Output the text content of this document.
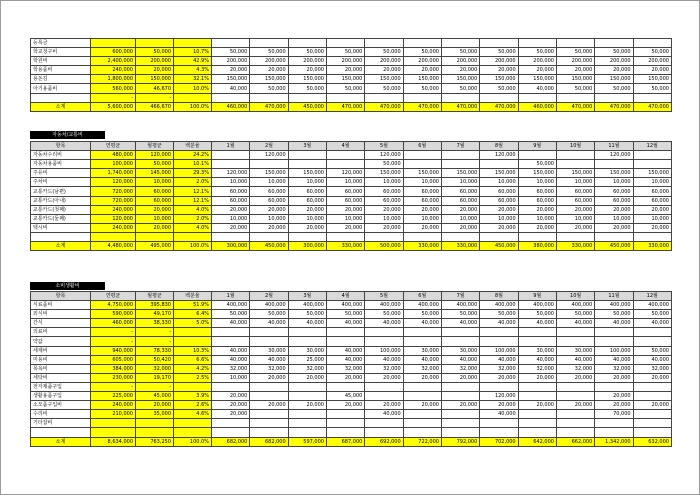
등록금															
학교청구비	600,000	50,000	10.7%	50,000	50,000	50,000	50,000	50,000	50,000	50,000	50,000	50,000	50,000	50,000	50,000
학원비	2,400,000	200,000	42.9%	200,000	200,000	200,000	200,000	200,000	200,000	200,000	200,000	200,000	200,000	200,000	200,000
학용품비	240,000	20,000	4.3%	20,000	20,000	20,000	20,000	20,000	20,000	20,000	20,000	20,000	20,000	20,000	20,000
용돈김	1,800,000	150,000	32.1%	150,000	150,000	150,000	150,000	150,000	150,000	150,000	150,000	150,000	150,000	150,000	150,000
아기용품비	560,000	46,670	10.0%	40,000	50,000	50,000	50,000	50,000	50,000	50,000	50,000	40,000	50,000	50,000	50,000
	-	-													
소계	5,600,000	466,670	100.0%	460,000	470,000	450,000	470,000	470,000	470,000	470,000	470,000	460,000	470,000	470,000	470,000
자동차/교통비
항목	연평균	월평균	백분율	1월	2월	3월	4월	5월	6월	7월	8월	9월	10월	11월	12월
자동차수리비	480,000	120,000	24.2%		120,000			120,000			120,000			120,000	
자동차용품비	100,000	50,000	10.1%					50,000				50,000			
주유비	1,740,000	145,000	29.3%	120,000	150,000	150,000	120,000	150,000	150,000	150,000	150,000	150,000	150,000	150,000	150,000
주차비	120,000	10,000	2.0%	10,000	10,000	10,000	10,000	10,000	10,000	10,000	10,000	10,000	10,000	10,000	10,000
교통카드(남편)	720,000	60,000	12.1%	60,000	60,000	60,000	60,000	60,000	60,000	60,000	60,000	60,000	60,000	60,000	60,000
교통카드(아내)	720,000	60,000	12.1%	60,000	60,000	60,000	60,000	60,000	60,000	60,000	60,000	60,000	60,000	60,000	60,000
교통카드(첫째)	240,000	20,000	4.0%	20,000	20,000	20,000	20,000	20,000	20,000	20,000	20,000	20,000	20,000	20,000	20,000
교통카드(둘째)	120,000	10,000	2.0%	10,000	10,000	10,000	10,000	10,000	10,000	10,000	10,000	10,000	10,000	10,000	10,000
택시비	240,000	20,000	4.0%	20,000	20,000	20,000	20,000	20,000	20,000	20,000	20,000	20,000	20,000	20,000	20,000

소계	4,480,000	495,000	100.0%	300,000	450,000	300,000	330,000	500,000	330,000	330,000	450,000	380,000	330,000	450,000	330,000
소비생활비
항목	연평균	월평균	백분율	1월	2월	3월	4월	5월	6월	7월	8월	9월	10월	11월	12월
식료품비	4,750,000	395,830	51.9%	400,000	400,000	400,000	400,000	400,000	400,000	400,000	400,000	400,000	400,000	400,000	400,000
외식비	590,000	49,170	6.4%	50,000	50,000	50,000	50,000	50,000	50,000	50,000	50,000	50,000	50,000	50,000	50,000
간식	460,000	38,330	5.0%	40,000	40,000	40,000	40,000	40,000	40,000	40,000	40,000	40,000	40,000	40,000	40,000
의료비	-	-													
약값	-	-													
세제비	940,000	78,330	10.3%	40,000	30,000	30,000	40,000	100,000	30,000	30,000	100,000	30,000	30,000	100,000	50,000
미용비	605,000	50,420	6.6%	40,000	40,000	25,000	40,000	40,000	40,000	40,000	40,000	40,000	40,000	40,000	40,000
목욕비	384,000	32,000	4.2%	32,000	32,000	32,000	32,000	32,000	32,000	32,000	32,000	32,000	32,000	32,000	32,000
세탁비	230,000	19,170	2.5%	10,000	20,000	20,000	20,000	20,000	20,000	20,000	20,000	20,000	20,000	20,000	20,000
전자제품구입	-	-													
생활용품구입	225,000	45,000	3.9%	20,000			45,000				120,000			20,000	
소모품구입비	240,000	20,000	2.6%	20,000	20,000	20,000	20,000	20,000	20,000	20,000	20,000	20,000	20,000	20,000	20,000
수리비	210,000	35,000	4.6%	20,000				40,000			40,000			70,000	
기타잡비															

소계	8,634,000	763,250	100.0%	682,000	682,000	597,000	687,000	692,000	722,000	792,000	702,000	642,000	662,000	1,342,000	632,000
